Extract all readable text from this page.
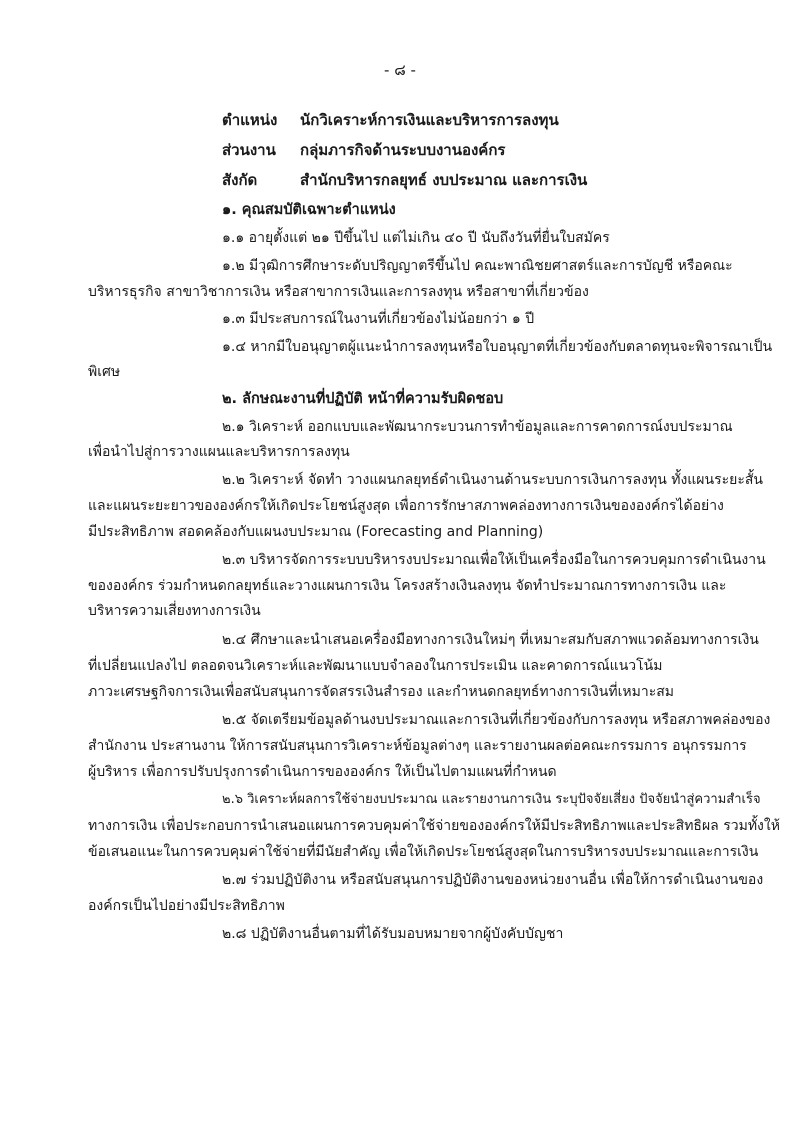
- ๘ -
ตำแหน่ง นักวิเคราะห์การเงินและบริหารการลงทุน
ส่วนงาน กลุ่มภารกิจด้านระบบงานองค์กร
สังกัด	สำนักบริหารกลยุทธ์ งบประมาณ และการเงิน
๑. คุณสมบัติเฉพาะตำแหน่ง
๑.๑ อายุตั้งแต่ ๒๑ ปีขึ้นไป แต่ไม่เกิน ๔๐ ปี นับถึงวันที่ยื่นใบสมัคร
๑.๒ มีวุฒิการศึกษาระดับปริญญาตรีขึ้นไป คณะพาณิชยศาสตร์และการบัญชี หรือคณะ
บริหารธุรกิจ สาขาวิชาการเงิน หรือสาขาการเงินและการลงทุน หรือสาขาที่เกี่ยวข้อง
๑.๓ มีประสบการณ์ในงานที่เกี่ยวข้องไม่น้อยกว่า ๑ ปี
๑.๔ หากมีใบอนุญาตผู้แนะนำการลงทุนหรือใบอนุญาตที่เกี่ยวข้องกับตลาดทุนจะพิจารณาเป็น
พิเศษ
๒. ลักษณะงานที่ปฏิบัติ หน้าที่ความรับผิดชอบ
๒.๑ วิเคราะห์ ออกแบบและพัฒนากระบวนการทำข้อมูลและการคาดการณ์งบประมาณ
เพื่อนำไปสู่การวางแผนและบริหารการลงทุน
๒.๒ วิเคราะห์ จัดทำ วางแผนกลยุทธ์ดำเนินงานด้านระบบการเงินการลงทุน ทั้งแผนระยะสั้น
และแผนระยะยาวขององค์กรให้เกิดประโยชน์สูงสุด เพื่อการรักษาสภาพคล่องทางการเงินขององค์กรได้อย่าง
มีประสิทธิภาพ สอดคล้องกับแผนงบประมาณ (Forecasting and Planning)
๒.๓ บริหารจัดการระบบบริหารงบประมาณเพื่อให้เป็นเครื่องมือในการควบคุมการดำเนินงาน
ขององค์กร ร่วมกำหนดกลยุทธ์และวางแผนการเงิน โครงสร้างเงินลงทุน จัดทำประมาณการทางการเงิน และ
บริหารความเสี่ยงทางการเงิน
๒.๔ ศึกษาและนำเสนอเครื่องมือทางการเงินใหม่ๆ ที่เหมาะสมกับสภาพแวดล้อมทางการเงิน
ที่เปลี่ยนแปลงไป ตลอดจนวิเคราะห์และพัฒนาแบบจำลองในการประเมิน และคาดการณ์แนวโน้ม
ภาวะเศรษฐกิจการเงินเพื่อสนับสนุนการจัดสรรเงินสำรอง และกำหนดกลยุทธ์ทางการเงินที่เหมาะสม
๒.๕ จัดเตรียมข้อมูลด้านงบประมาณและการเงินที่เกี่ยวข้องกับการลงทุน หรือสภาพคล่องของ
สำนักงาน ประสานงาน ให้การสนับสนุนการวิเคราะห์ข้อมูลต่างๆ และรายงานผลต่อคณะกรรมการ อนุกรรมการ
ผู้บริหาร เพื่อการปรับปรุงการดำเนินการขององค์กร ให้เป็นไปตามแผนที่กำหนด
๒.๖ วิเคราะห์ผลการใช้จ่ายงบประมาณ และรายงานการเงิน ระบุปัจจัยเสี่ยง ปัจจัยนำสู่ความสำเร็จ
ทางการเงิน เพื่อประกอบการนำเสนอแผนการควบคุมค่าใช้จ่ายขององค์กรให้มีประสิทธิภาพและประสิทธิผล รวมทั้งให้
ข้อเสนอแนะในการควบคุมค่าใช้จ่ายที่มีนัยสำคัญ เพื่อให้เกิดประโยชน์สูงสุดในการบริหารงบประมาณและการเงิน
๒.๗ ร่วมปฏิบัติงาน หรือสนับสนุนการปฏิบัติงานของหน่วยงานอื่น เพื่อให้การดำเนินงานของ
องค์กรเป็นไปอย่างมีประสิทธิภาพ
๒.๘ ปฏิบัติงานอื่นตามที่ได้รับมอบหมายจากผู้บังคับบัญชา
